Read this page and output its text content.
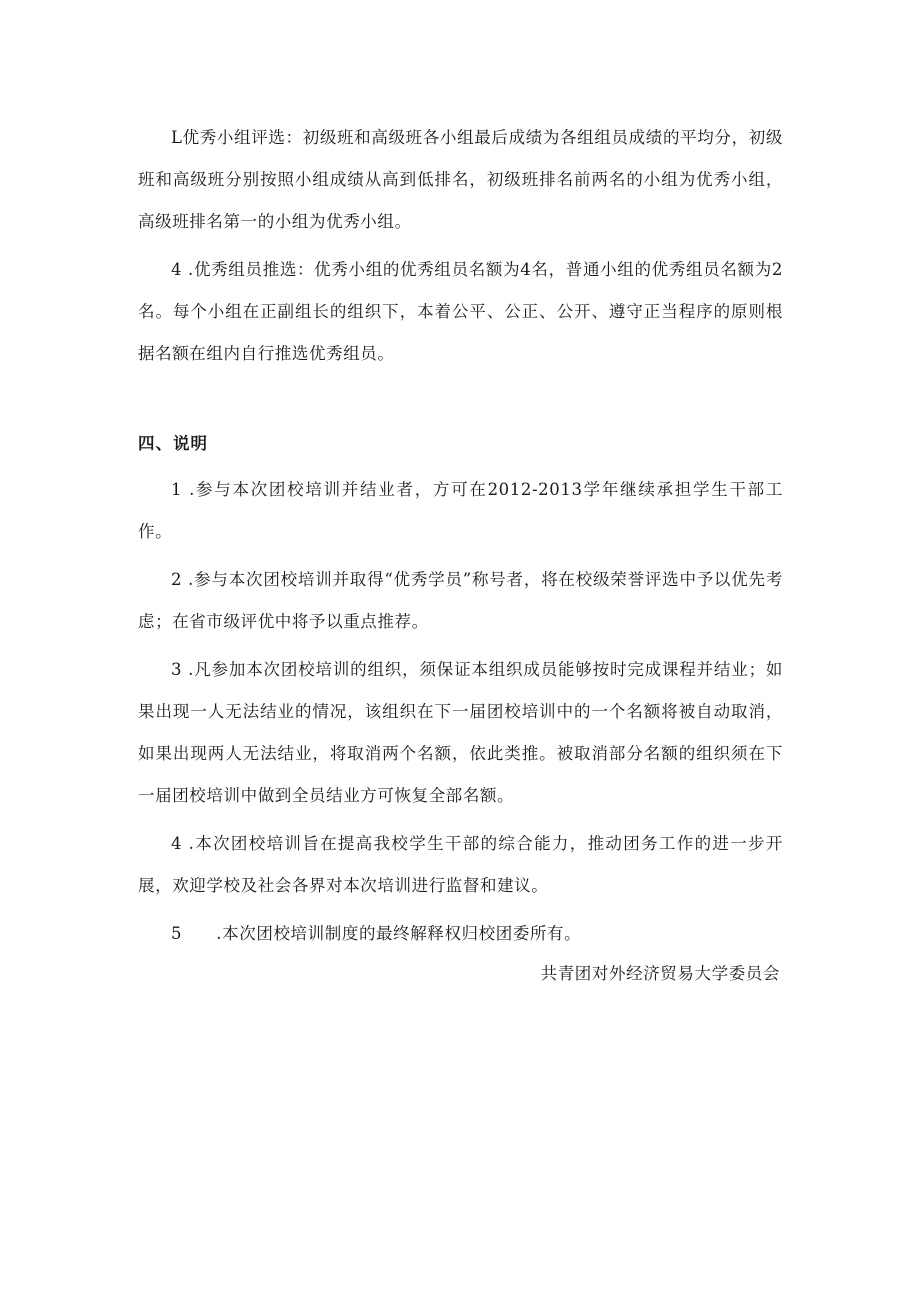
L优秀小组评选：初级班和高级班各小组最后成绩为各组组员成绩的平均分，初级班和高级班分别按照小组成绩从高到低排名，初级班排名前两名的小组为优秀小组，高级班排名第一的小组为优秀小组。

4 .优秀组员推选：优秀小组的优秀组员名额为4名，普通小组的优秀组员名额为2名。每个小组在正副组长的组织下，本着公平、公正、公开、遵守正当程序的原则根据名额在组内自行推选优秀组员。

四、说明

1 .参与本次团校培训并结业者，方可在2012-2013学年继续承担学生干部工作。

2 .参与本次团校培训并取得“优秀学员”称号者，将在校级荣誉评选中予以优先考虑；在省市级评优中将予以重点推荐。

3 .凡参加本次团校培训的组织，须保证本组织成员能够按时完成课程并结业；如果出现一人无法结业的情况，该组织在下一届团校培训中的一个名额将被自动取消，如果出现两人无法结业，将取消两个名额，依此类推。被取消部分名额的组织须在下一届团校培训中做到全员结业方可恢复全部名额。

4 .本次团校培训旨在提高我校学生干部的综合能力，推动团务工作的进一步开展，欢迎学校及社会各界对本次培训进行监督和建议。

5  .本次团校培训制度的最终解释权归校团委所有。

共青团对外经济贸易大学委员会
